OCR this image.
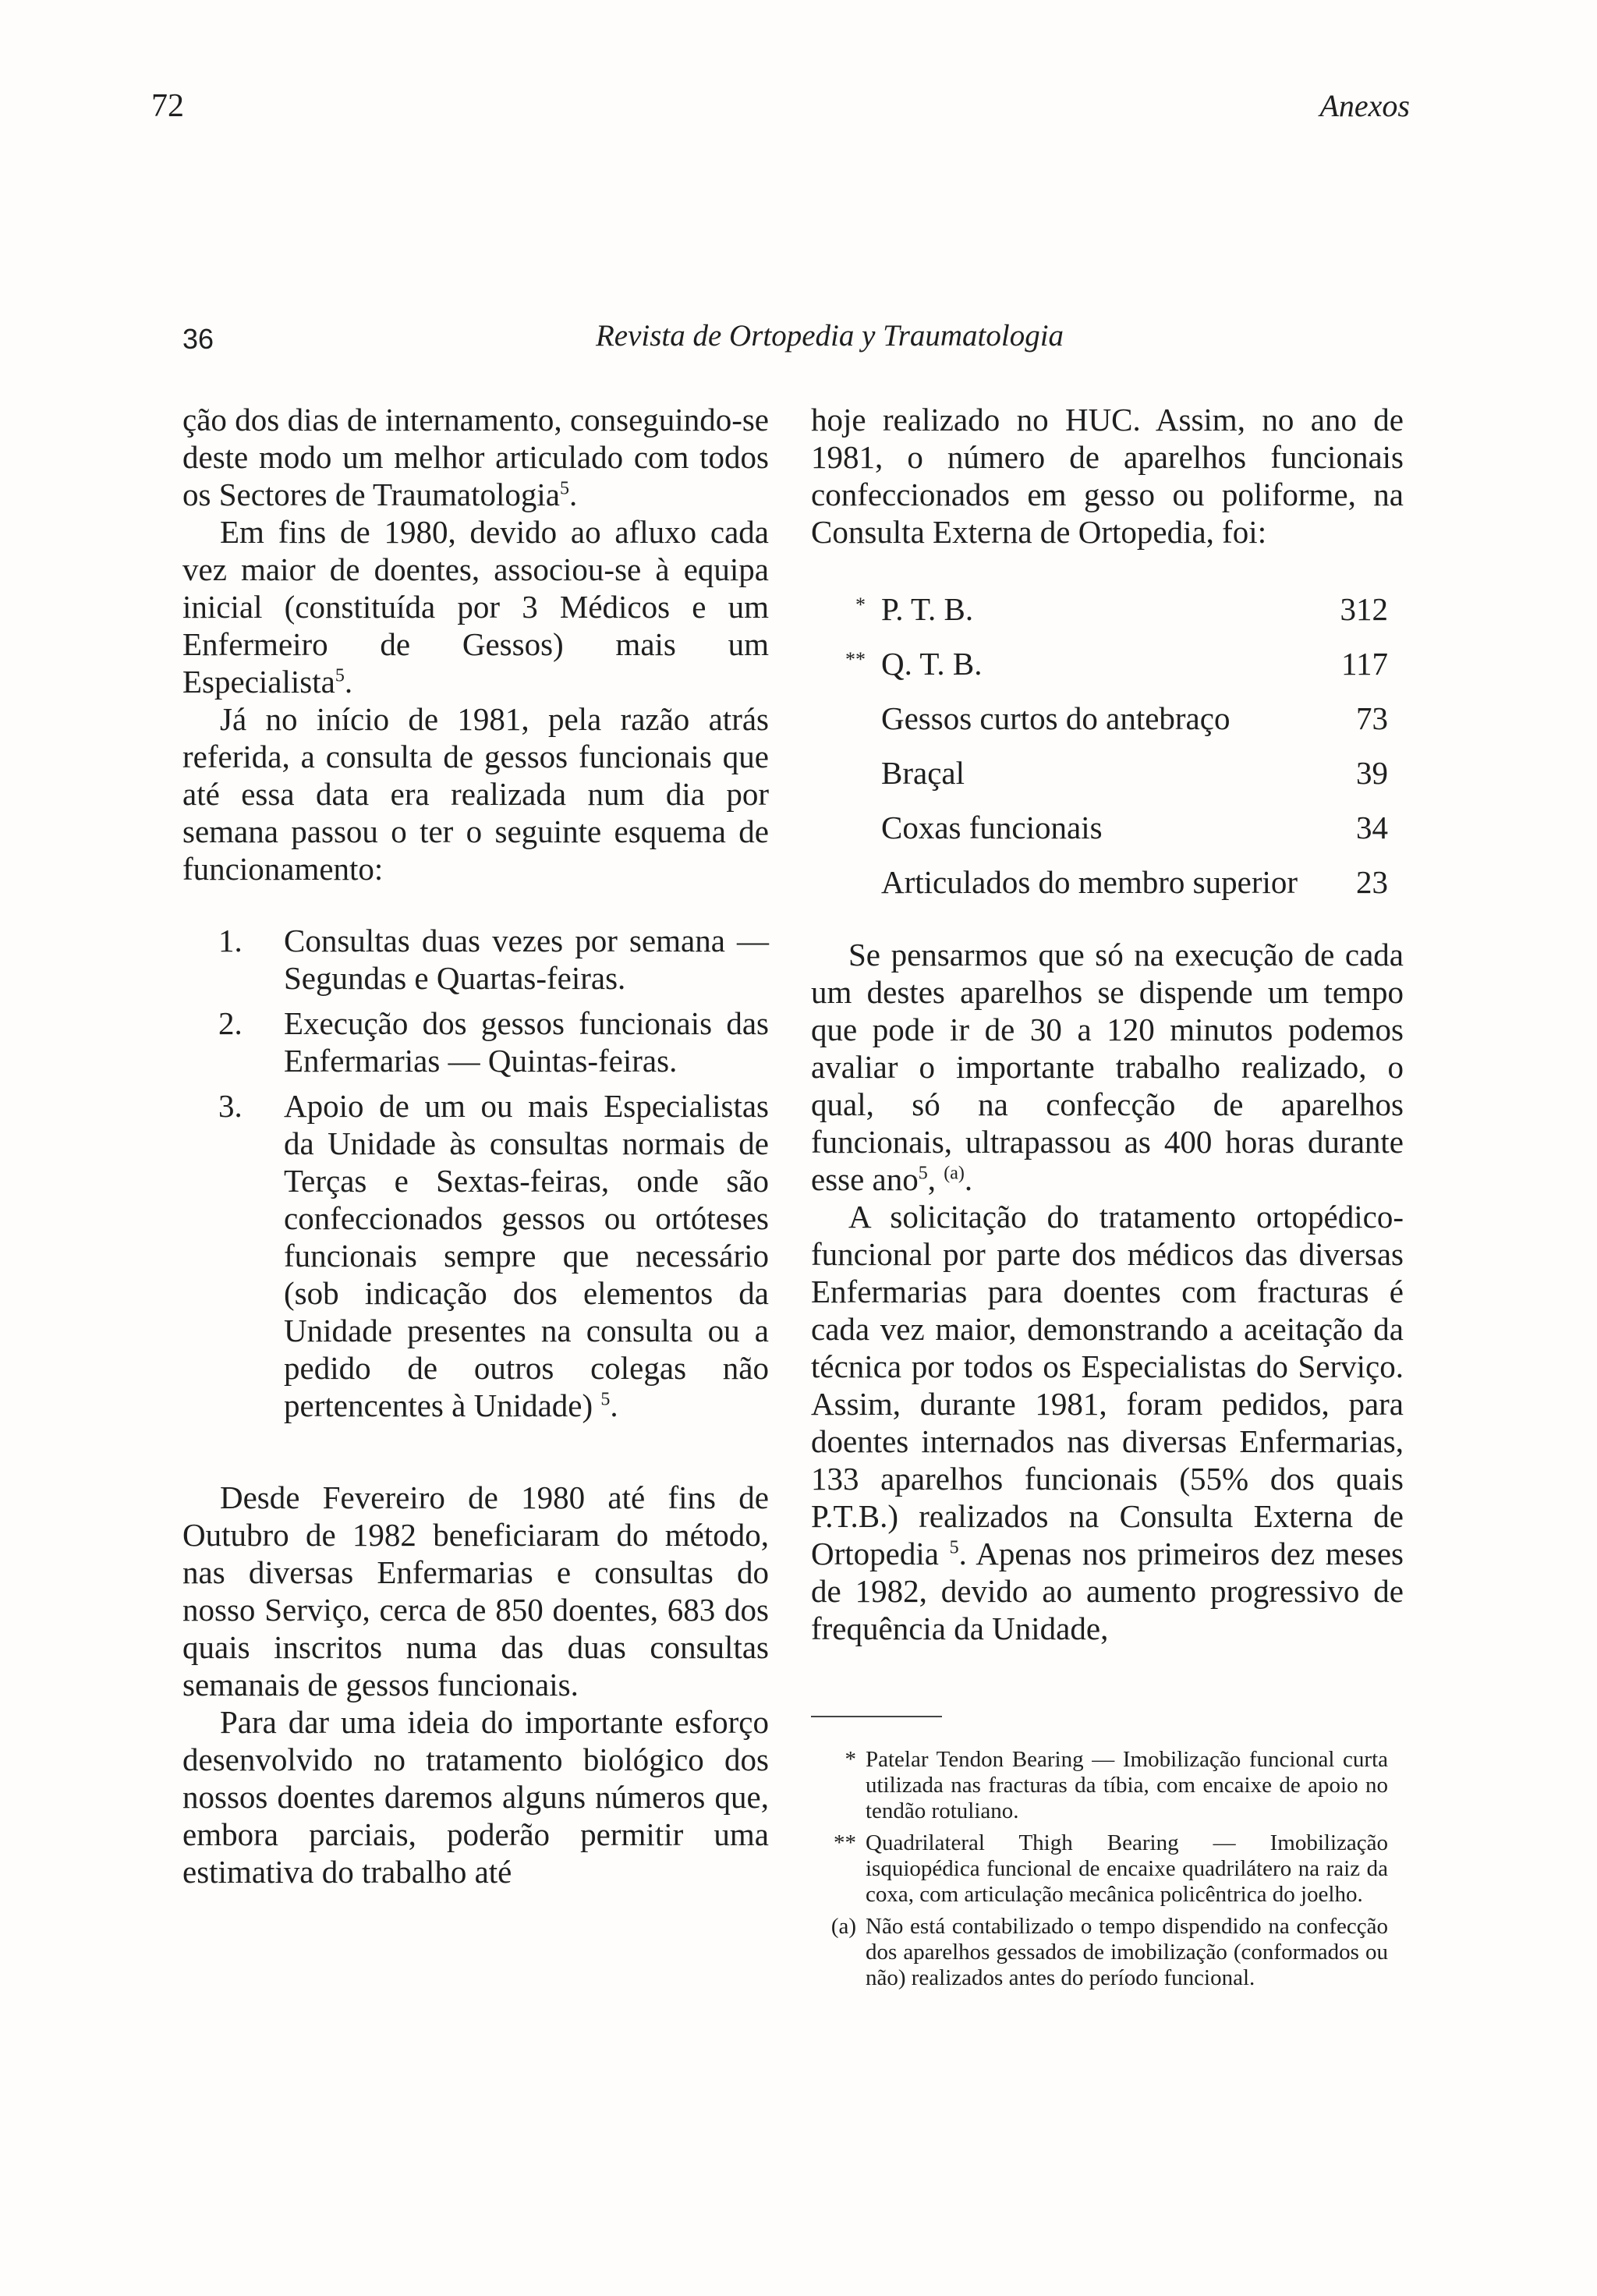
72	Anexos
36	Revista de Ortopedia y Traumatologia

ção dos dias de internamento, conseguindo-se deste modo um melhor articulado com todos os Sectores de Traumatologia$^5$.

Em fins de 1980, devido ao afluxo cada vez maior de doentes, associou-se à equipa inicial (constituída por 3 Médicos e um Enfermeiro de Gessos) mais um Especialista$^5$.

Já no início de 1981, pela razão atrás referida, a consulta de gessos funcionais que até essa data era realizada num dia por semana passou o ter o seguinte esquema de funcionamento:

1.	Consultas duas vezes por semana — Segundas e Quartas-feiras.
2.	Execução dos gessos funcionais das Enfermarias — Quintas-feiras.
3.	Apoio de um ou mais Especialistas da Unidade às consultas normais de Terças e Sextas-feiras, onde são confeccionados gessos ou ortóteses funcionais sempre que necessário (sob indicação dos elementos da Unidade presentes na consulta ou a pedido de outros colegas não pertencentes à Unidade) $^5$.

Desde Fevereiro de 1980 até fins de Outubro de 1982 beneficiaram do método, nas diversas Enfermarias e consultas do nosso Serviço, cerca de 850 doentes, 683 dos quais inscritos numa das duas consultas semanais de gessos funcionais.

Para dar uma ideia do importante esforço desenvolvido no tratamento biológico dos nossos doentes daremos alguns números que, embora parciais, poderão permitir uma estimativa do trabalho até

hoje realizado no HUC. Assim, no ano de 1981, o número de aparelhos funcionais confeccionados em gesso ou poliforme, na Consulta Externa de Ortopedia, foi:

*	P. T. B.	312
**	Q. T. B.	117
	Gessos curtos do antebraço	73
	Braçal	39
	Coxas funcionais	34
	Articulados do membro superior	23

Se pensarmos que só na execução de cada um destes aparelhos se dispende um tempo que pode ir de 30 a 120 minutos podemos avaliar o importante trabalho realizado, o qual, só na confecção de aparelhos funcionais, ultrapassou as 400 horas durante esse ano$^5$, $^{(a)}$.

A solicitação do tratamento ortopédico-funcional por parte dos médicos das diversas Enfermarias para doentes com fracturas é cada vez maior, demonstrando a aceitação da técnica por todos os Especialistas do Serviço. Assim, durante 1981, foram pedidos, para doentes internados nas diversas Enfermarias, 133 aparelhos funcionais (55% dos quais P.T.B.) realizados na Consulta Externa de Ortopedia $^5$. Apenas nos primeiros dez meses de 1982, devido ao aumento progressivo de frequência da Unidade,

* Patelar Tendon Bearing — Imobilização funcional curta utilizada nas fracturas da tíbia, com encaixe de apoio no tendão rotuliano.
** Quadrilateral Thigh Bearing — Imobilização isquiopédica funcional de encaixe quadrilátero na raiz da coxa, com articulação mecânica policêntrica do joelho.
(a) Não está contabilizado o tempo dispendido na confecção dos aparelhos gessados de imobilização (conformados ou não) realizados antes do período funcional.
